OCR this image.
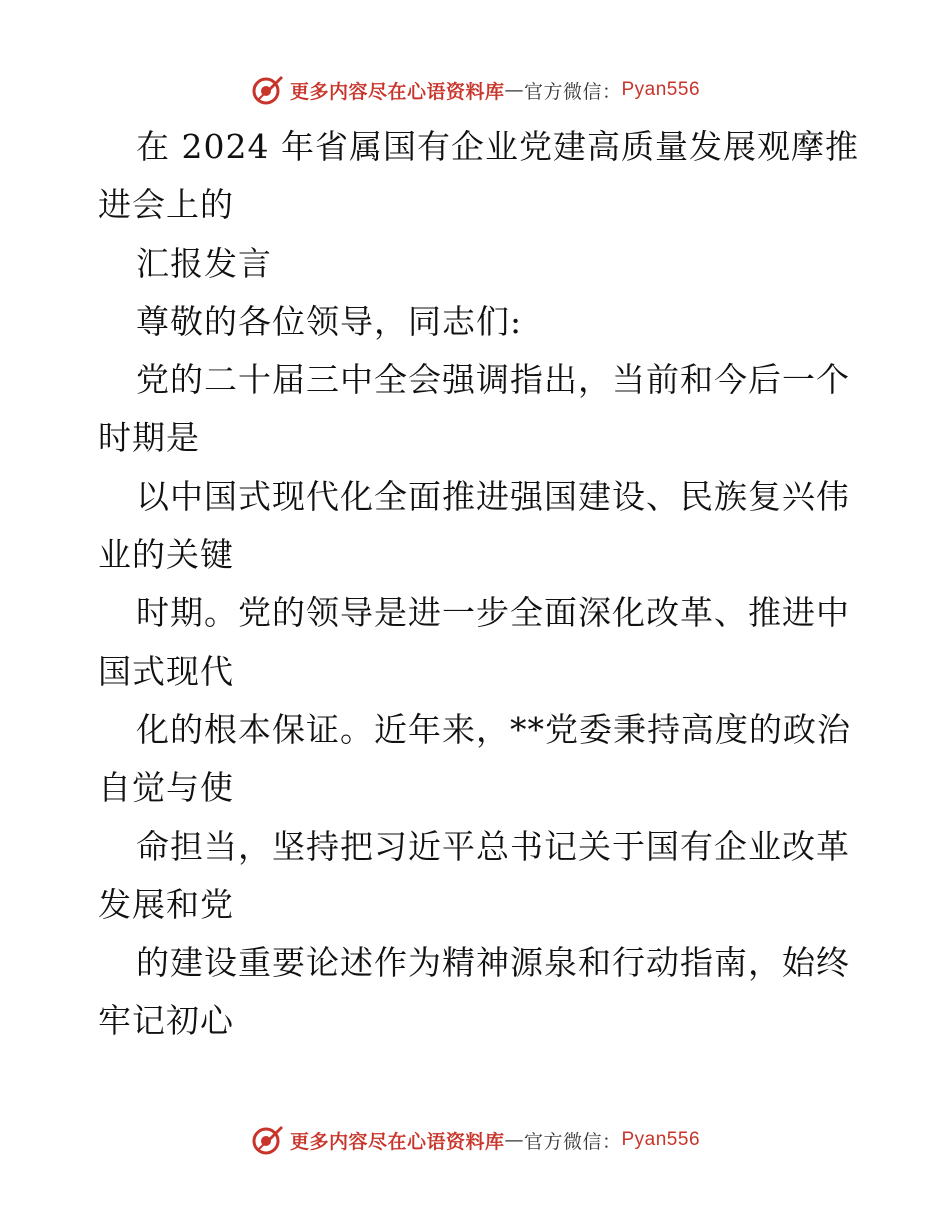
更多内容尽在心语资料库 — 官方微信： Pyan556
在 2024 年省属国有企业党建高质量发展观摩推
进会上的
汇报发言
尊敬的各位领导，同志们:
党的二十届三中全会强调指出，当前和今后一个
时期是
以中国式现代化全面推进强国建设、民族复兴伟
业的关键
时期。党的领导是进一步全面深化改革、推进中
国式现代
化的根本保证。近年来，**党委秉持高度的政治
自觉与使
命担当，坚持把习近平总书记关于国有企业改革
发展和党
的建设重要论述作为精神源泉和行动指南，始终
牢记初心
更多内容尽在心语资料库 — 官方微信： Pyan556
